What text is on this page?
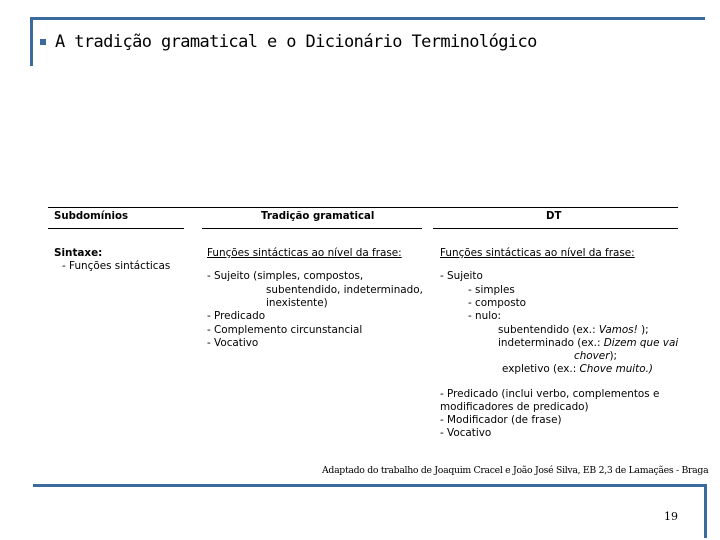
A tradição gramatical e o Dicionário Terminológico
Subdomínios	Tradição gramatical	DT
Sintaxe:
- Funções sintácticas
Funções sintácticas ao nível da frase:
- Sujeito (simples, compostos,
subentendido, indeterminado,
inexistente)
- Predicado
- Complemento circunstancial
- Vocativo
Funções sintácticas ao nível da frase:
- Sujeito
- simples
- composto
- nulo:
subentendido (ex.: Vamos! );
indeterminado (ex.: Dizem que vai
chover);
expletivo (ex.: Chove muito.)
- Predicado (inclui verbo, complementos e
modificadores de predicado)
- Modificador (de frase)
- Vocativo
Adaptado do trabalho de Joaquim Cracel e João José Silva, EB 2,3 de Lamaçães - Braga
19
